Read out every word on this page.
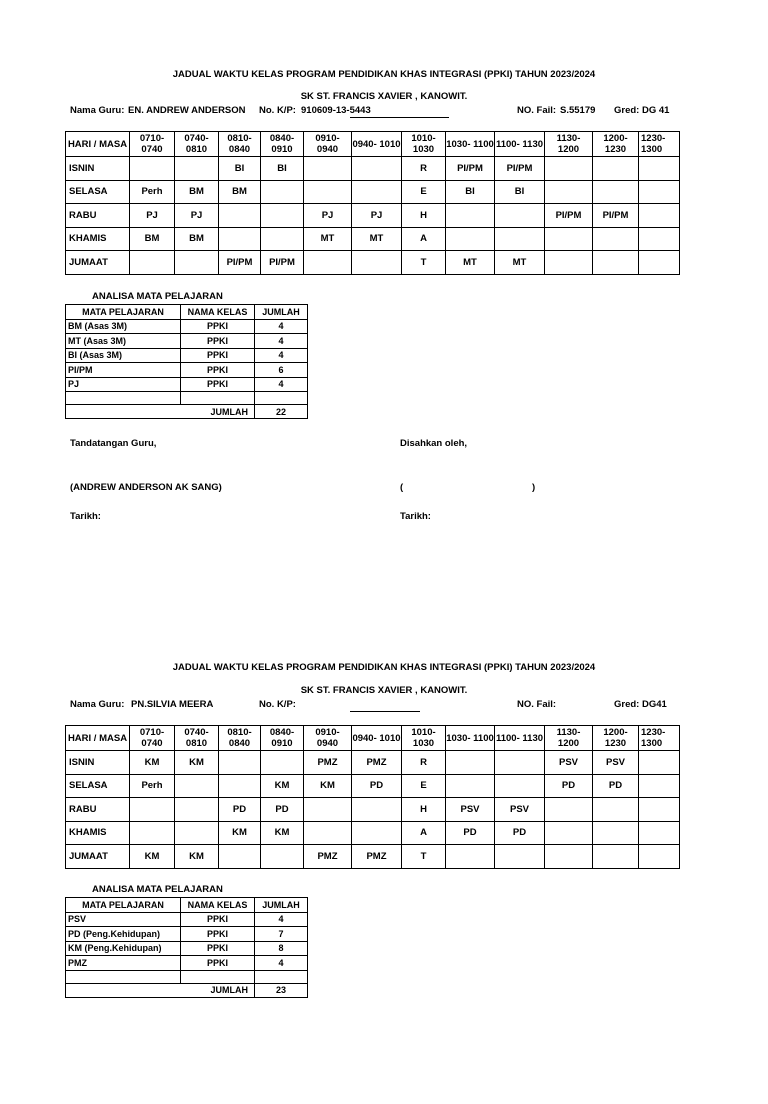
JADUAL WAKTU KELAS PROGRAM PENDIDIKAN KHAS INTEGRASI (PPKI) TAHUN 2023/2024
SK ST. FRANCIS XAVIER , KANOWIT.
Nama Guru: EN. ANDREW ANDERSON No. K/P: 910609-13-5443	NO. Fail: S.55179 Gred: DG 41
HARI / MASA	0710- 0740	0740- 0810	0810- 0840	0840- 0910	0910- 0940	0940- 1010	1010- 1030	1030- 1100	1100- 1130	1130- 1200	1200- 1230	1230- 1300
ISNIN			BI	BI			R	PI/PM	PI/PM			
SELASA	Perh	BM	BM				E	BI	BI			
RABU	PJ	PJ			PJ	PJ	H			PI/PM	PI/PM	
KHAMIS	BM	BM			MT	MT	A					
JUMAAT			PI/PM	PI/PM			T	MT	MT			
ANALISA MATA PELAJARAN
MATA PELAJARAN	NAMA KELAS	JUMLAH
BM (Asas 3M)	PPKI	4
MT (Asas 3M)	PPKI	4
BI (Asas 3M)	PPKI	4
PI/PM	PPKI	6
PJ	PPKI	4

JUMLAH		22
Tandatangan Guru,	Disahkan oleh,
(ANDREW ANDERSON AK SANG)	(	)
Tarikh:	Tarikh:
JADUAL WAKTU KELAS PROGRAM PENDIDIKAN KHAS INTEGRASI (PPKI) TAHUN 2023/2024
SK ST. FRANCIS XAVIER , KANOWIT.
Nama Guru: PN.SILVIA MEERA	No. K/P:	NO. Fail:	Gred: DG41
HARI / MASA	0710- 0740	0740- 0810	0810- 0840	0840- 0910	0910- 0940	0940- 1010	1010- 1030	1030- 1100	1100- 1130	1130- 1200	1200- 1230	1230- 1300
ISNIN	KM	KM			PMZ	PMZ	R			PSV	PSV	
SELASA	Perh			KM	KM	PD	E			PD	PD	
RABU			PD	PD			H	PSV	PSV			
KHAMIS			KM	KM			A	PD	PD			
JUMAAT	KM	KM			PMZ	PMZ	T					
ANALISA MATA PELAJARAN
MATA PELAJARAN	NAMA KELAS	JUMLAH
PSV	PPKI	4
PD (Peng.Kehidupan)	PPKI	7
KM (Peng.Kehidupan)	PPKI	8
PMZ	PPKI	4

JUMLAH		23
